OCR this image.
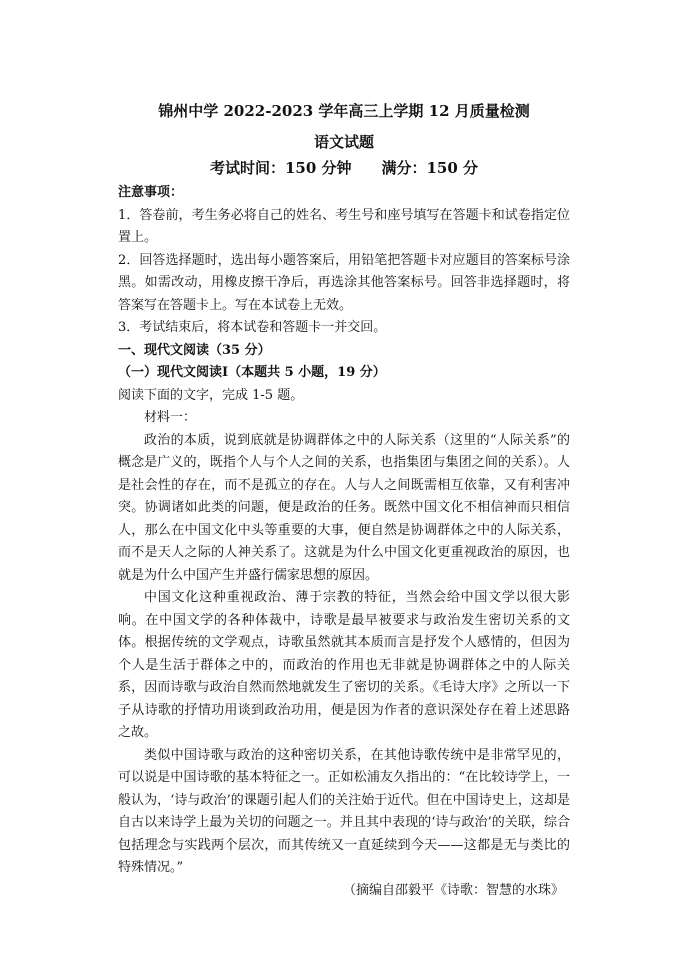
锦州中学 2022-2023 学年高三上学期 12 月质量检测
语文试题
考试时间：150 分钟 满分：150 分

注意事项：

1．答卷前，考生务必将自己的姓名、考生号和座号填写在答题卡和试卷指定位置上。

2．回答选择题时，选出每小题答案后，用铅笔把答题卡对应题目的答案标号涂黑。如需改动，用橡皮擦干净后，再选涂其他答案标号。回答非选择题时，将答案写在答题卡上。写在本试卷上无效。

3．考试结束后，将本试卷和答题卡一并交回。

一、现代文阅读（35 分）

（一）现代文阅读Ⅰ（本题共 5 小题，19 分）

阅读下面的文字，完成 1-5 题。

材料一：

政治的本质，说到底就是协调群体之中的人际关系（这里的“人际关系”的概念是广义的，既指个人与个人之间的关系，也指集团与集团之间的关系）。人是社会性的存在，而不是孤立的存在。人与人之间既需相互依靠，又有利害冲突。协调诸如此类的问题，便是政治的任务。既然中国文化不相信神而只相信人，那么在中国文化中头等重要的大事，便自然是协调群体之中的人际关系，而不是天人之际的人神关系了。这就是为什么中国文化更重视政治的原因，也就是为什么中国产生并盛行儒家思想的原因。

中国文化这种重视政治、薄于宗教的特征，当然会给中国文学以很大影响。在中国文学的各种体裁中，诗歌是最早被要求与政治发生密切关系的文体。根据传统的文学观点，诗歌虽然就其本质而言是抒发个人感情的，但因为个人是生活于群体之中的，而政治的作用也无非就是协调群体之中的人际关系，因而诗歌与政治自然而然地就发生了密切的关系。《毛诗大序》之所以一下子从诗歌的抒情功用谈到政治功用，便是因为作者的意识深处存在着上述思路之故。

类似中国诗歌与政治的这种密切关系，在其他诗歌传统中是非常罕见的，可以说是中国诗歌的基本特征之一。正如松浦友久指出的：“在比较诗学上，一般认为，‘诗与政治’的课题引起人们的关注始于近代。但在中国诗史上，这却是自古以来诗学上最为关切的问题之一。并且其中表现的‘诗与政治’的关联，综合包括理念与实践两个层次，而其传统又一直延续到今天——这都是无与类比的特殊情况。”

（摘编自邵毅平《诗歌：智慧的水珠》
